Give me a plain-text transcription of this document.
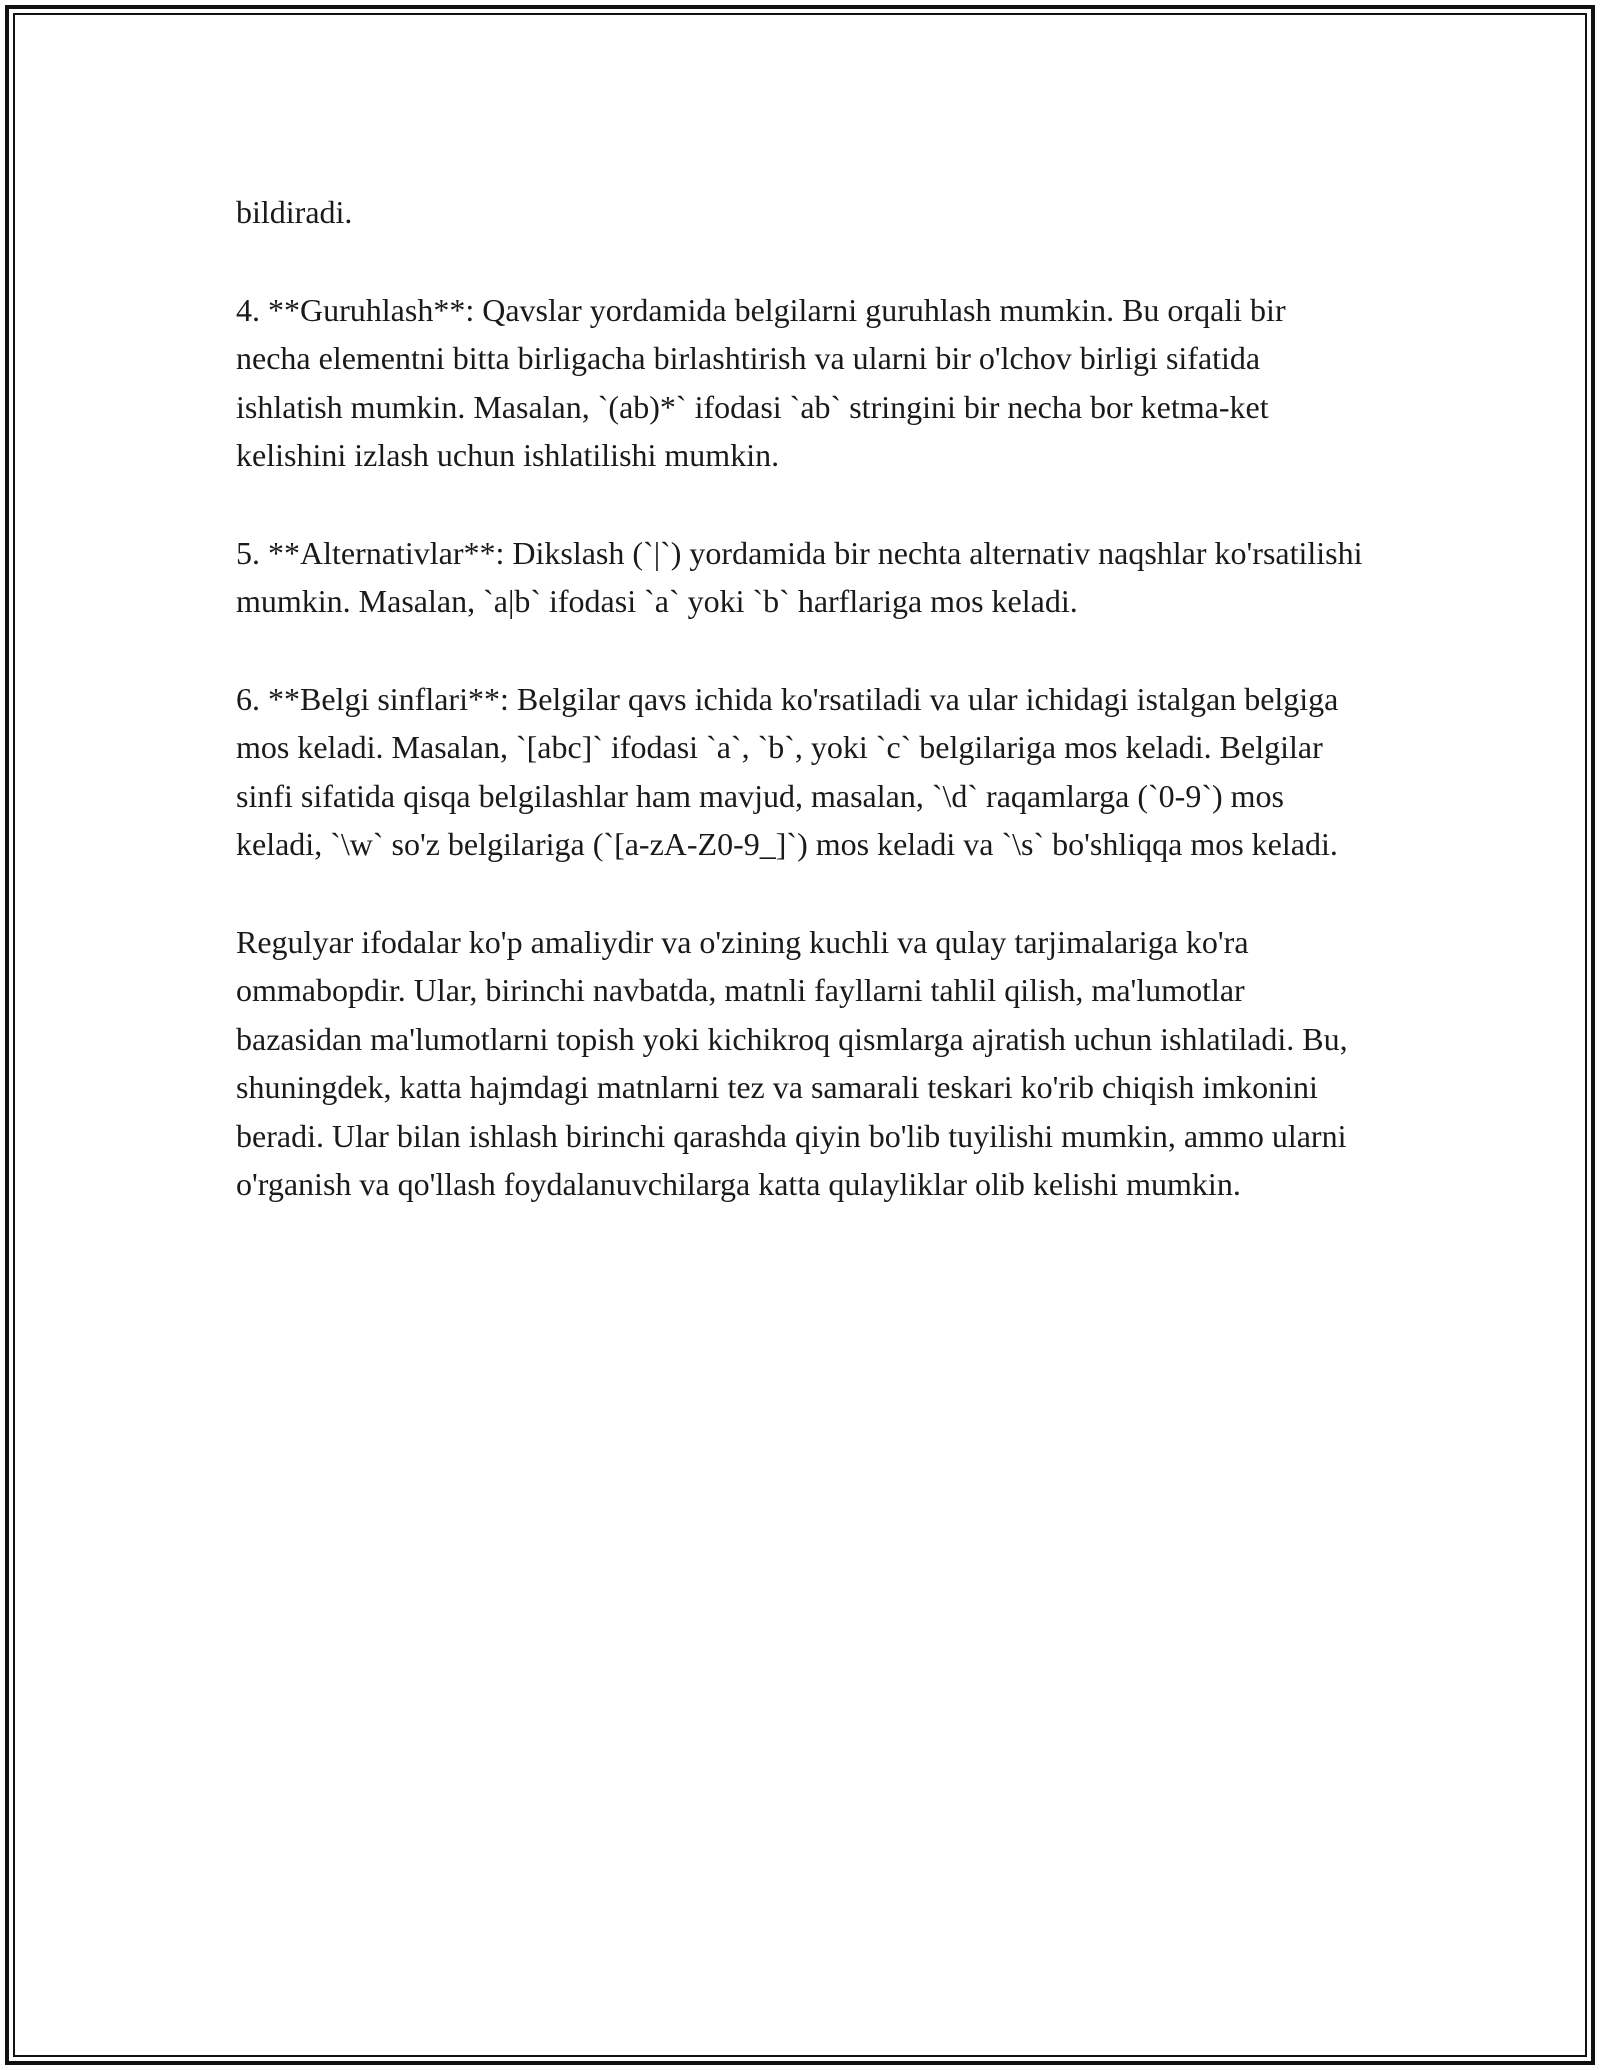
bildiradi.

4. **Guruhlash**: Qavslar yordamida belgilarni guruhlash mumkin. Bu orqali bir necha elementni bitta birligacha birlashtirish va ularni bir o'lchov birligi sifatida ishlatish mumkin. Masalan, `(ab)*` ifodasi `ab` stringini bir necha bor ketma-ket kelishini izlash uchun ishlatilishi mumkin.

5. **Alternativlar**: Dikslash (`|`) yordamida bir nechta alternativ naqshlar ko'rsatilishi mumkin. Masalan, `a|b` ifodasi `a` yoki `b` harflariga mos keladi.

6. **Belgi sinflari**: Belgilar qavs ichida ko'rsatiladi va ular ichidagi istalgan belgiga mos keladi. Masalan, `[abc]` ifodasi `a`, `b`, yoki `c` belgilariga mos keladi. Belgilar sinfi sifatida qisqa belgilashlar ham mavjud, masalan, `\d` raqamlarga (`0-9`) mos keladi, `\w` so'z belgilariga (`[a-zA-Z0-9_]`) mos keladi va `\s` bo'shliqqa mos keladi.

Regulyar ifodalar ko'p amaliydir va o'zining kuchli va qulay tarjimalariga ko'ra ommabopdir. Ular, birinchi navbatda, matnli fayllarni tahlil qilish, ma'lumotlar bazasidan ma'lumotlarni topish yoki kichikroq qismlarga ajratish uchun ishlatiladi. Bu, shuningdek, katta hajmdagi matnlarni tez va samarali teskari ko'rib chiqish imkonini beradi. Ular bilan ishlash birinchi qarashda qiyin bo'lib tuyilishi mumkin, ammo ularni o'rganish va qo'llash foydalanuvchilarga katta qulayliklar olib kelishi mumkin.
